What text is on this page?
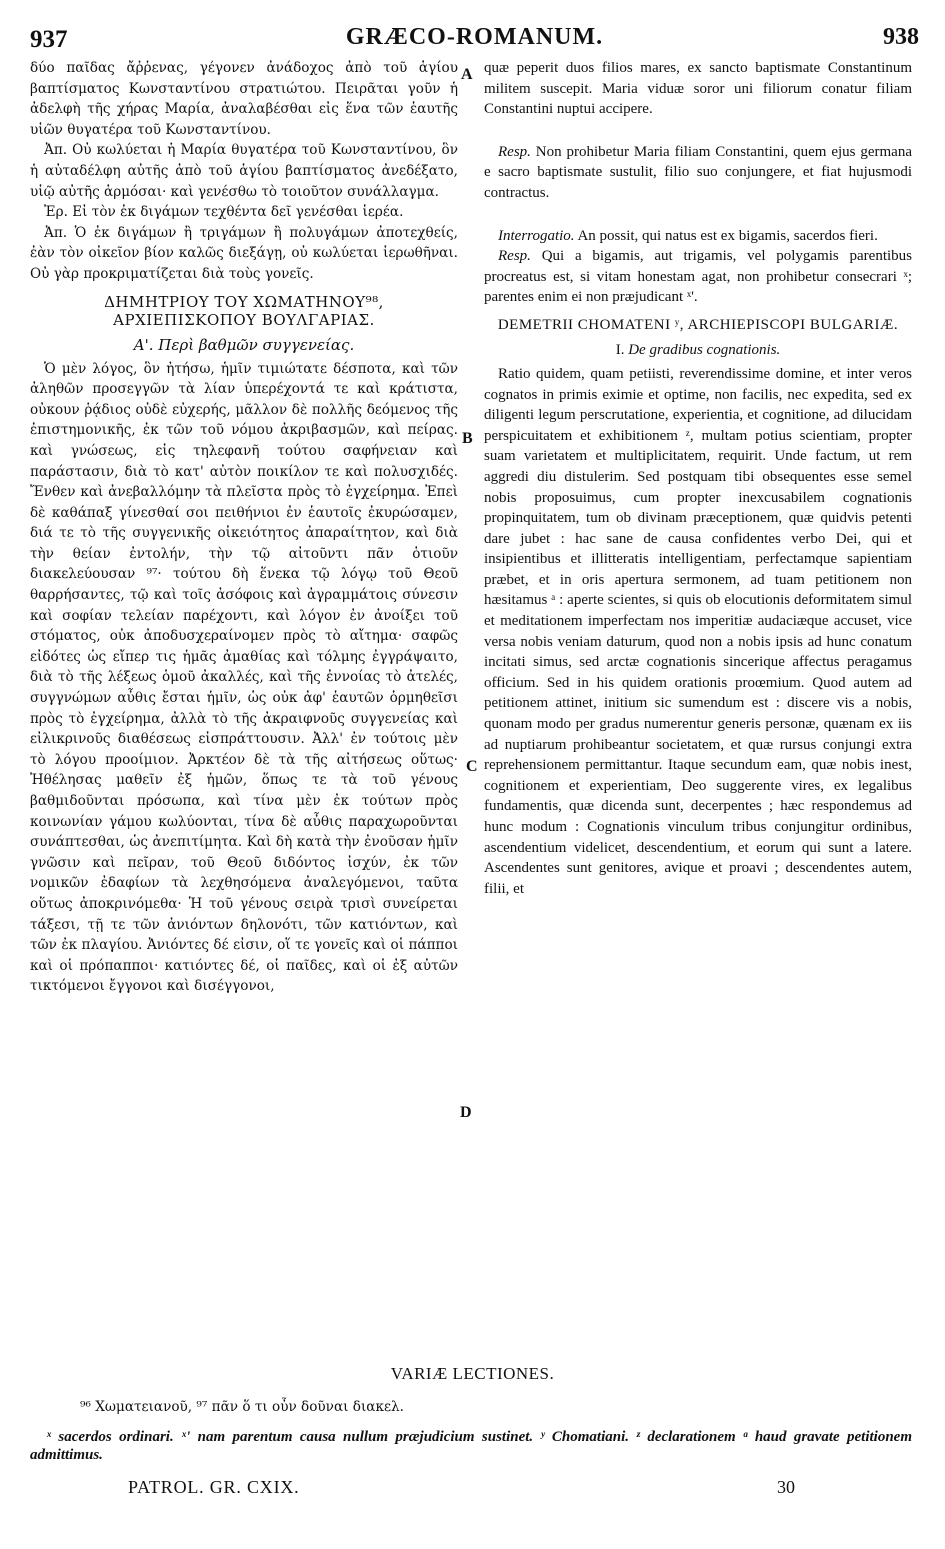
937	GRÆCO-ROMANUM.	938
A
B
C
D

δύο παῖδας ἄῤῥενας, γέγονεν ἀνάδοχος ἀπὸ τοῦ ἁγίου βαπτίσματος Κωνσταντίνου στρατιώτου. Πειρᾶται γοῦν ἡ ἀδελφὴ τῆς χήρας Μαρία, ἀναλαβέσθαι εἰς ἕνα τῶν ἑαυτῆς υἱῶν θυγατέρα τοῦ Κωνσταντίνου.

Ἀπ. Οὐ κωλύεται ἡ Μαρία θυγατέρα τοῦ Κωνσταντίνου, ὃν ἡ αὐταδέλφη αὐτῆς ἀπὸ τοῦ ἁγίου βαπτίσματος ἀνεδέξατο, υἱῷ αὐτῆς ἁρμόσαι· καὶ γενέσθω τὸ τοιοῦτον συνάλλαγμα.

Ἐρ. Εἰ τὸν ἐκ διγάμων τεχθέντα δεῖ γενέσθαι ἱερέα.

Ἀπ. Ὁ ἐκ διγάμων ἢ τριγάμων ἢ πολυγάμων ἀποτεχθείς, ἐὰν τὸν οἰκεῖον βίον καλῶς διεξάγῃ, οὐ κωλύεται ἱερωθῆναι. Οὐ γὰρ προκριματίζεται διὰ τοὺς γονεῖς.

ΔΗΜΗΤΡΙΟΥ ΤΟΥ ΧΩΜΑΤΗΝΟΥ⁹⁸, ΑΡΧΙΕΠΙΣΚΟΠΟΥ ΒΟΥΛΓΑΡΙΑΣ.
Α'. Περὶ βαθμῶν συγγενείας.

Ὁ μὲν λόγος, ὃν ἠτήσω, ἡμῖν τιμιώτατε δέσποτα, καὶ τῶν ἀληθῶν προσεγγῶν τὰ λίαν ὑπερέχοντά τε καὶ κράτιστα, οὐκουν ῥᾴδιος οὐδὲ εὐχερής, μᾶλλον δὲ πολλῆς δεόμενος τῆς ἐπιστημονικῆς, ἐκ τῶν τοῦ νόμου ἀκριβασμῶν, καὶ πείρας. καὶ γνώσεως, εἰς τηλεφανῆ τούτου σαφήνειαν καὶ παράστασιν, διὰ τὸ κατ' αὐτὸν ποικίλον τε καὶ πολυσχιδές. Ἔνθεν καὶ ἀνεβαλλόμην τὰ πλεῖστα πρὸς τὸ ἐγχείρημα. Ἐπεὶ δὲ καθάπαξ γίνεσθαί σοι πειθήνιοι ἐν ἑαυτοῖς ἐκυρώσαμεν, διά τε τὸ τῆς συγγενικῆς οἰκειότητος ἀπαραίτητον, καὶ διὰ τὴν θείαν ἐντολήν, τὴν τῷ αἰτοῦντι πᾶν ὁτιοῦν διακελεύουσαν ⁹⁷· τούτου δὴ ἕνεκα τῷ λόγῳ τοῦ Θεοῦ θαρρήσαντες, τῷ καὶ τοῖς ἀσόφοις καὶ ἀγραμμάτοις σύνεσιν καὶ σοφίαν τελείαν παρέχοντι, καὶ λόγον ἐν ἀνοίξει τοῦ στόματος, οὐκ ἀποδυσχεραίνομεν πρὸς τὸ αἴτημα· σαφῶς εἰδότες ὡς εἴπερ τις ἡμᾶς ἀμαθίας καὶ τόλμης ἐγγράψαιτο, διὰ τὸ τῆς λέξεως ὁμοῦ ἀκαλλές, καὶ τῆς ἐννοίας τὸ ἀτελές, συγγνώμων αὖθις ἔσται ἡμῖν, ὡς οὐκ ἀφ' ἑαυτῶν ὁρμηθεῖσι πρὸς τὸ ἐγχείρημα, ἀλλὰ τὸ τῆς ἀκραιφνοῦς συγγενείας καὶ εἰλικρινοῦς διαθέσεως εἰσπράττουσιν. Ἀλλ' ἐν τούτοις μὲν τὸ λόγου προοίμιον. Ἀρκτέον δὲ τὰ τῆς αἰτήσεως οὕτως· Ἠθέλησας μαθεῖν ἐξ ἡμῶν, ὅπως τε τὰ τοῦ γένους βαθμιδοῦνται πρόσωπα, καὶ τίνα μὲν ἐκ τούτων πρὸς κοινωνίαν γάμου κωλύονται, τίνα δὲ αὖθις παραχωροῦνται συνάπτεσθαι, ὡς ἀνεπιτίμητα. Καὶ δὴ κατὰ τὴν ἐνοῦσαν ἡμῖν γνῶσιν καὶ πεῖραν, τοῦ Θεοῦ διδόντος ἰσχύν, ἐκ τῶν νομικῶν ἐδαφίων τὰ λεχθησόμενα ἀναλεγόμενοι, ταῦτα οὕτως ἀποκρινόμεθα· Ἡ τοῦ γένους σειρὰ τρισὶ συνείρεται τάξεσι, τῇ τε τῶν ἀνιόντων δηλονότι, τῶν κατιόντων, καὶ τῶν ἐκ πλαγίου. Ἀνιόντες δέ εἰσιν, οἵ τε γονεῖς καὶ οἱ πάπποι καὶ οἱ πρόπαπποι· κατιόντες δέ, οἱ παῖδες, καὶ οἱ ἐξ αὐτῶν τικτόμενοι ἔγγονοι καὶ δισέγγονοι,

quæ peperit duos filios mares, ex sancto baptismate Constantinum militem suscepit. Maria viduæ soror uni filiorum conatur filiam Constantini nuptui accipere.

Resp. Non prohibetur Maria filiam Constantini, quem ejus germana e sacro baptismate sustulit, filio suo conjungere, et fiat hujusmodi contractus.

Interrogatio. An possit, qui natus est ex bigamis, sacerdos fieri.

Resp. Qui a bigamis, aut trigamis, vel polygamis parentibus procreatus est, si vitam honestam agat, non prohibetur consecrari ˣ; parentes enim ei non præjudicant ˣ'.

DEMETRII CHOMATENI ʸ, ARCHIEPISCOPI BULGARIÆ.
I. De gradibus cognationis.

Ratio quidem, quam petiisti, reverendissime domine, et inter veros cognatos in primis eximie et optime, non facilis, nec expedita, sed ex diligenti legum perscrutatione, experientia, et cognitione, ad dilucidam perspicuitatem et exhibitionem ᶻ, multam potius scientiam, propter suam varietatem et multiplicitatem, requirit. Unde factum, ut rem aggredi diu distulerim. Sed postquam tibi obsequentes esse semel nobis proposuimus, cum propter inexcusabilem cognationis propinquitatem, tum ob divinam præceptionem, quæ quidvis petenti dare jubet : hac sane de causa confidentes verbo Dei, qui et insipientibus et illitteratis intelligentiam, perfectamque sapientiam præbet, et in oris apertura sermonem, ad tuam petitionem non hæsitamus ᵃ : aperte scientes, si quis ob elocutionis deformitatem simul et meditationem imperfectam nos imperitiæ audaciæque accuset, vice versa nobis veniam daturum, quod non a nobis ipsis ad hunc conatum incitati simus, sed arctæ cognationis sincerique affectus peragamus officium. Sed in his quidem orationis proœmium. Quod autem ad petitionem attinet, initium sic sumendum est : discere vis a nobis, quonam modo per gradus numerentur generis personæ, quænam ex iis ad nuptiarum prohibeantur societatem, et quæ rursus conjungi extra reprehensionem permittantur. Itaque secundum eam, quæ nobis inest, cognitionem et experientiam, Deo suggerente vires, ex legalibus fundamentis, quæ dicenda sunt, decerpentes ; hæc respondemus ad hunc modum : Cognationis vinculum tribus conjungitur ordinibus, ascendentium videlicet, descendentium, et eorum qui sunt a latere. Ascendentes sunt genitores, avique et proavi ; descendentes autem, filii, et

VARIÆ LECTIONES.
⁹⁶ Χωματειανοῦ, ⁹⁷ πᾶν ὅ τι οὖν δοῦναι διακελ.
ˣ sacerdos ordinari. ˣ' nam parentum causa nullum præjudicium sustinet. ʸ Chomatiani. ᶻ declarationem ᵃ haud gravate petitionem admittimus.
PATROL. GR. CXIX.	30
